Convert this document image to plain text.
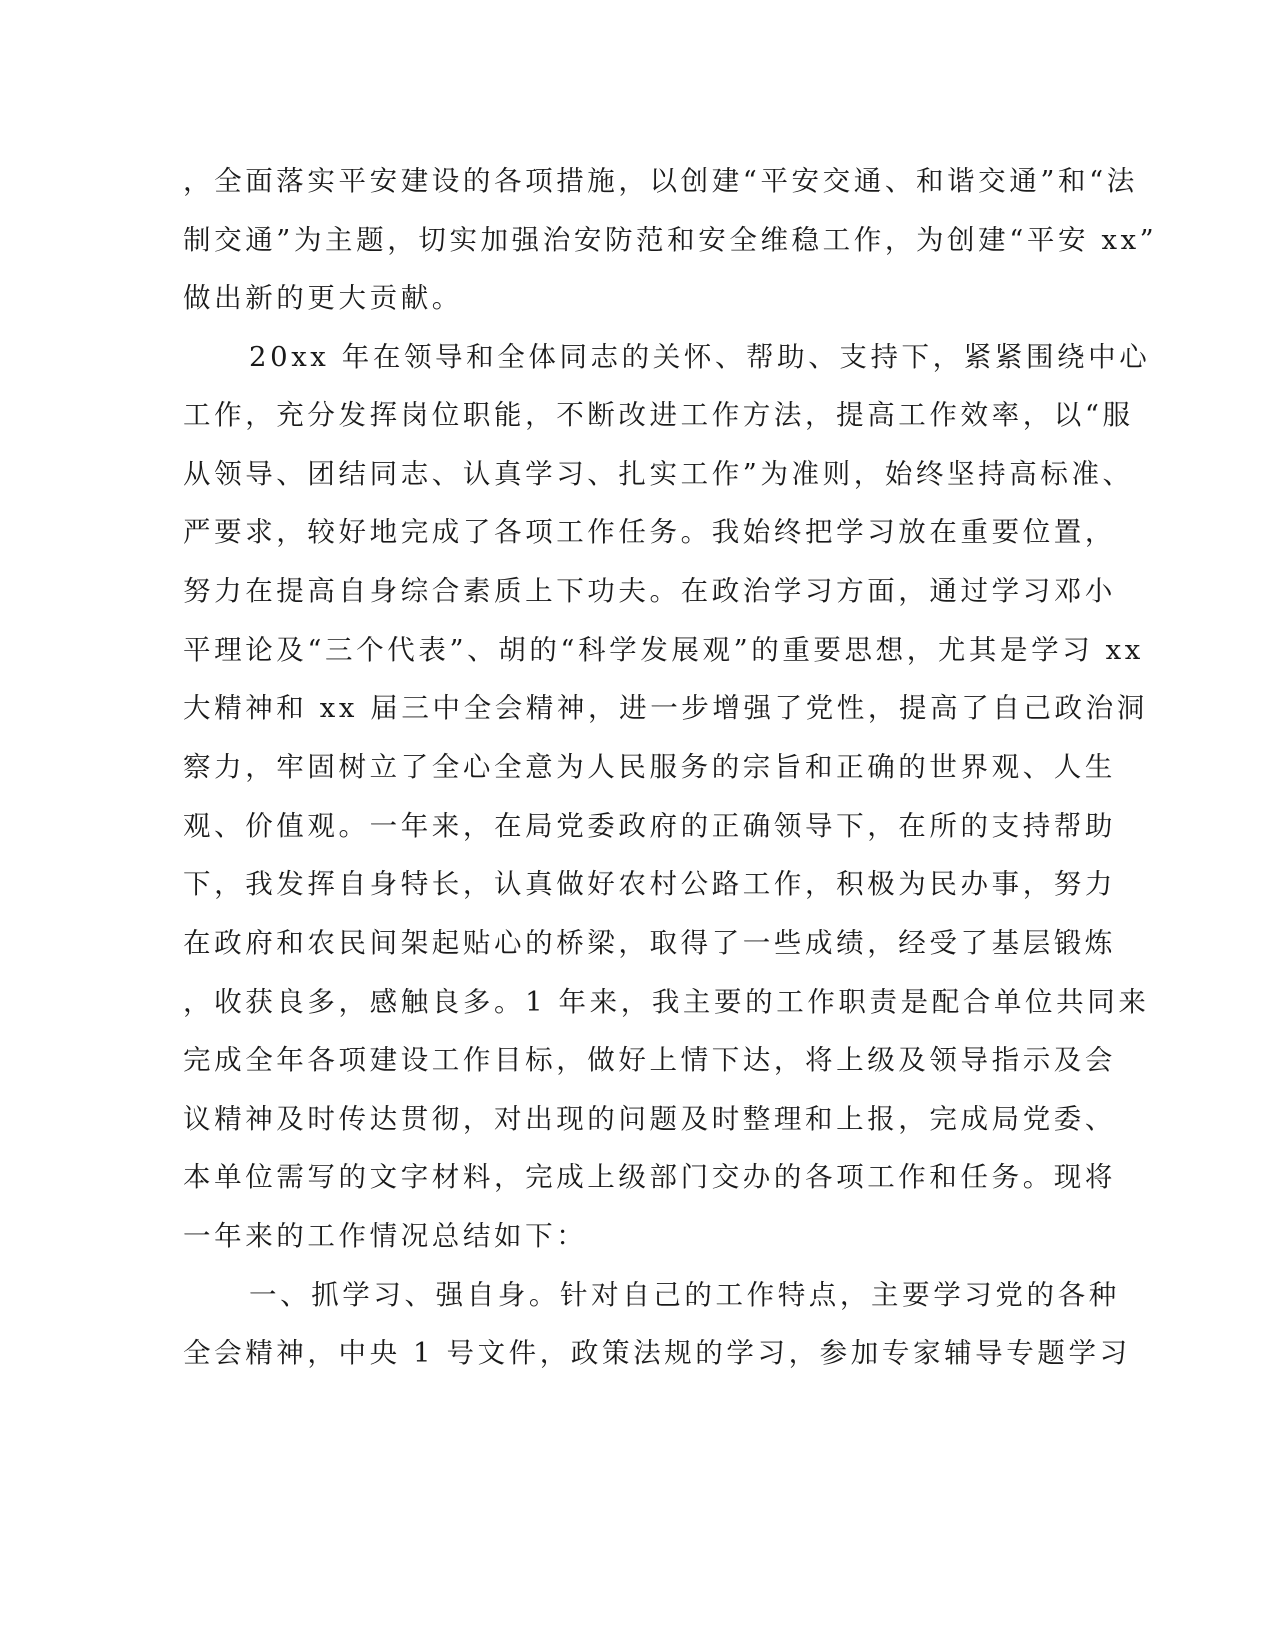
，全面落实平安建设的各项措施，以创建“平安交通、和谐交通”和“法
制交通”为主题，切实加强治安防范和安全维稳工作，为创建“平安 xx”
做出新的更大贡献。
20xx 年在领导和全体同志的关怀、帮助、支持下，紧紧围绕中心
工作，充分发挥岗位职能，不断改进工作方法，提高工作效率，以“服
从领导、团结同志、认真学习、扎实工作”为准则，始终坚持高标准、
严要求，较好地完成了各项工作任务。我始终把学习放在重要位置，
努力在提高自身综合素质上下功夫。在政治学习方面，通过学习邓小
平理论及“三个代表”、胡的“科学发展观”的重要思想，尤其是学习 xx
大精神和 xx 届三中全会精神，进一步增强了党性，提高了自己政治洞
察力，牢固树立了全心全意为人民服务的宗旨和正确的世界观、人生
观、价值观。一年来，在局党委政府的正确领导下，在所的支持帮助
下，我发挥自身特长，认真做好农村公路工作，积极为民办事，努力
在政府和农民间架起贴心的桥梁，取得了一些成绩，经受了基层锻炼
，收获良多，感触良多。1 年来，我主要的工作职责是配合单位共同来
完成全年各项建设工作目标，做好上情下达，将上级及领导指示及会
议精神及时传达贯彻，对出现的问题及时整理和上报，完成局党委、
本单位需写的文字材料，完成上级部门交办的各项工作和任务。现将
一年来的工作情况总结如下：
一、抓学习、强自身。针对自己的工作特点，主要学习党的各种
全会精神，中央 1 号文件，政策法规的学习，参加专家辅导专题学习
